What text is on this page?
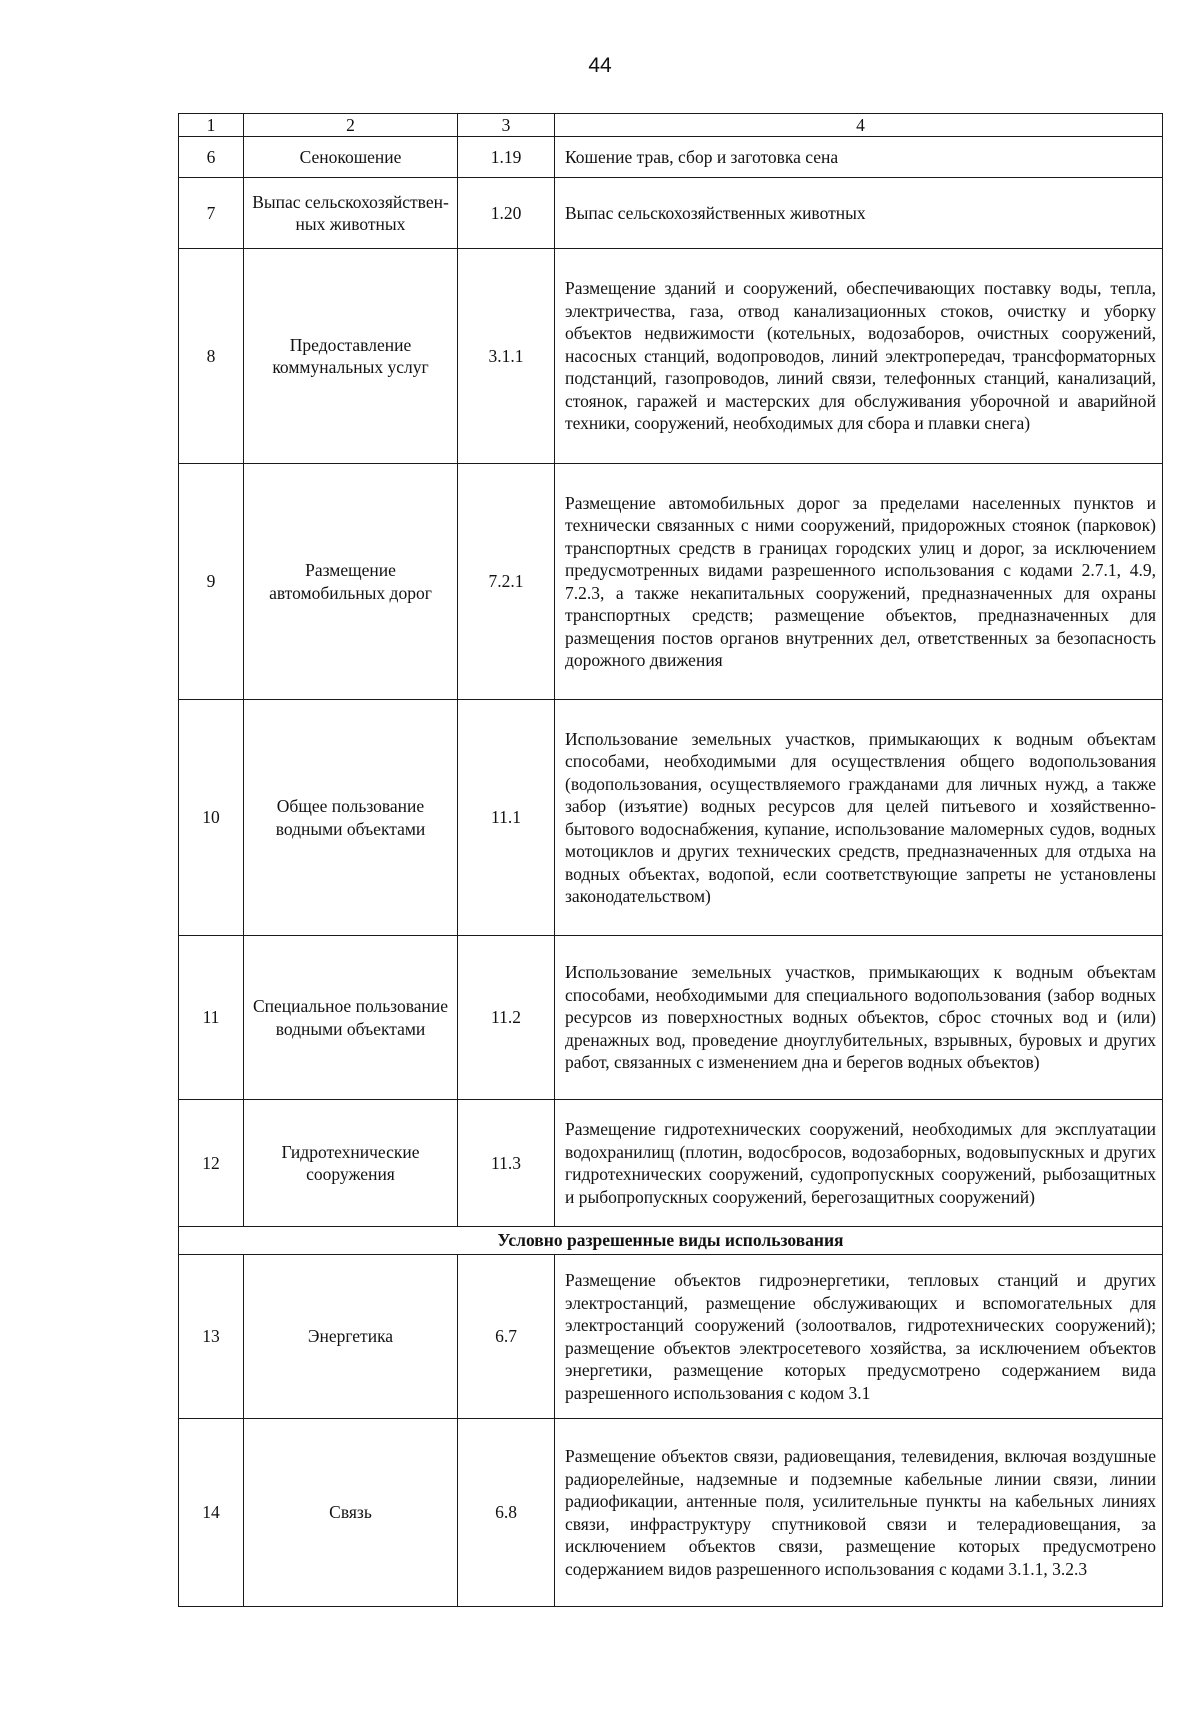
44
1	2	3	4
6	Сенокошение	1.19	Кошение трав, сбор и заготовка сена
7	Выпас сельскохозяйствен-ных животных	1.20	Выпас сельскохозяйственных животных
8	Предоставление коммунальных услуг	3.1.1	Размещение зданий и сооружений, обеспечивающих поставку воды, тепла, электричества, газа, отвод канализационных стоков, очистку и уборку объектов недвижимости (котельных, водозаборов, очистных сооружений, насосных станций, водопроводов, линий электропередач, трансформаторных подстанций, газопроводов, линий связи, телефонных станций, канализаций, стоянок, гаражей и мастерских для обслуживания уборочной и аварийной техники, сооружений, необходимых для сбора и плавки снега)
9	Размещение автомобильных дорог	7.2.1	Размещение автомобильных дорог за пределами населенных пунктов и технически связанных с ними сооружений, придорожных стоянок (парковок) транспортных средств в границах городских улиц и дорог, за исключением предусмотренных видами разрешенного использования с кодами 2.7.1, 4.9, 7.2.3, а также некапитальных сооружений, предназначенных для охраны транспортных средств; размещение объектов, предназначенных для размещения постов органов внутренних дел, ответственных за безопасность дорожного движения
10	Общее пользование водными объектами	11.1	Использование земельных участков, примыкающих к водным объектам способами, необходимыми для осуществления общего водопользования (водопользования, осуществляемого гражданами для личных нужд, а также забор (изъятие) водных ресурсов для целей питьевого и хозяйственно-бытового водоснабжения, купание, использование маломерных судов, водных мотоциклов и других технических средств, предназначенных для отдыха на водных объектах, водопой, если соответствующие запреты не установлены законодательством)
11	Специальное пользование водными объектами	11.2	Использование земельных участков, примыкающих к водным объектам способами, необходимыми для специального водопользования (забор водных ресурсов из поверхностных водных объектов, сброс сточных вод и (или) дренажных вод, проведение дноуглубительных, взрывных, буровых и других работ, связанных с изменением дна и берегов водных объектов)
12	Гидротехнические сооружения	11.3	Размещение гидротехнических сооружений, необходимых для эксплуатации водохранилищ (плотин, водосбросов, водозаборных, водовыпускных и других гидротехнических сооружений, судопропускных сооружений, рыбозащитных и рыбопропускных сооружений, берегозащитных сооружений)
Условно разрешенные виды использования			
13	Энергетика	6.7	Размещение объектов гидроэнергетики, тепловых станций и других электростанций, размещение обслуживающих и вспомогательных для электростанций сооружений (золоотвалов, гидротехнических сооружений); размещение объектов электросетевого хозяйства, за исключением объектов энергетики, размещение которых предусмотрено содержанием вида разрешенного использования с кодом 3.1
14	Связь	6.8	Размещение объектов связи, радиовещания, телевидения, включая воздушные радиорелейные, надземные и подземные кабельные линии связи, линии радиофикации, антенные поля, усилительные пункты на кабельных линиях связи, инфраструктуру спутниковой связи и телерадиовещания, за исключением объектов связи, размещение которых предусмотрено содержанием видов разрешенного использования с кодами 3.1.1, 3.2.3
